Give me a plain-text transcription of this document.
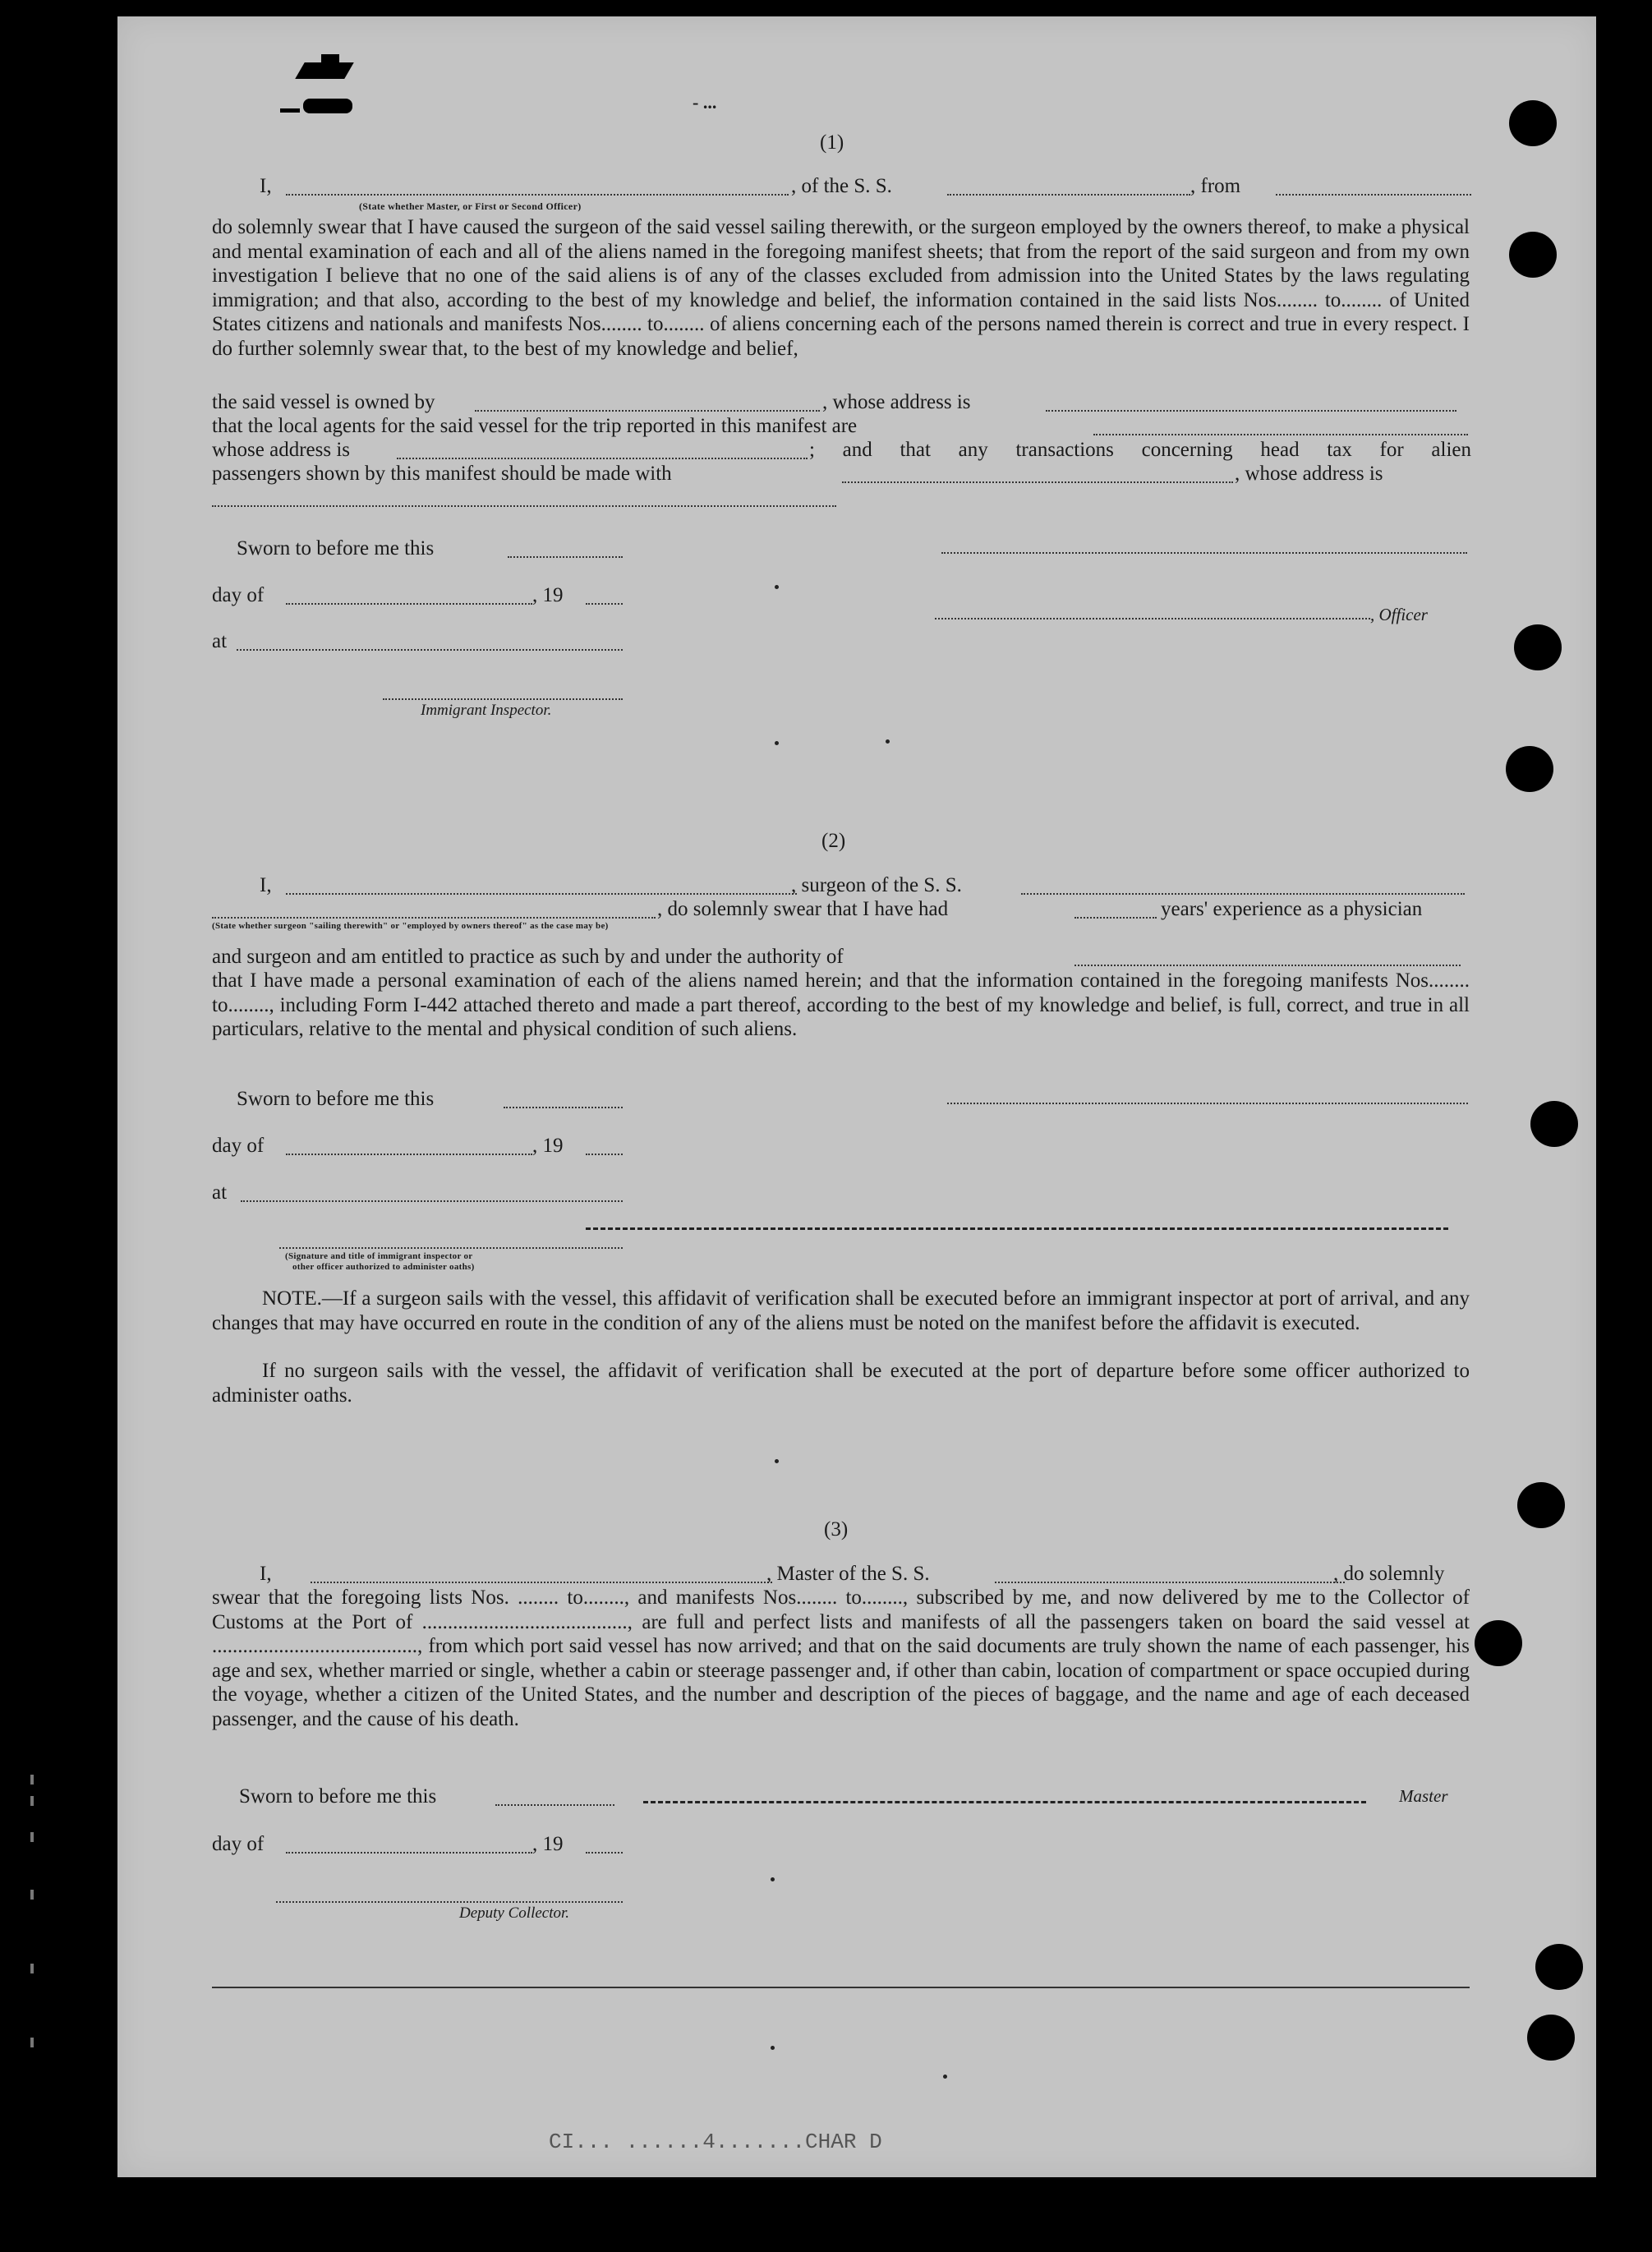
- ...
(1)
I,	, of the S. S.	, from
(State whether Master, or First or Second Officer)
do solemnly swear that I have caused the surgeon of the said vessel sailing therewith, or the surgeon employed by the owners thereof, to make a physical and mental examination of each and all of the aliens named in the foregoing manifest sheets; that from the report of the said surgeon and from my own investigation I believe that no one of the said aliens is of any of the classes excluded from admission into the United States by the laws regulating immigration; and that also, according to the best of my knowledge and belief, the information contained in the said lists Nos........ to........ of United States citizens and nationals and manifests Nos........ to........ of aliens concerning each of the persons named therein is correct and true in every respect. I do further solemnly swear that, to the best of my knowledge and belief,
the said vessel is owned by	, whose address is
that the local agents for the said vessel for the trip reported in this manifest are
whose address is	; and that any transactions concerning head tax for alien
passengers shown by this manifest should be made with	, whose address is
Sworn to before me this
day of	, 19
, Officer
at
Immigrant Inspector.
(2)
I,	, surgeon of the S. S.
, do solemnly swear that I have had	years' experience as a physician
(State whether surgeon "sailing therewith" or "employed by owners thereof" as the case may be)
and surgeon and am entitled to practice as such by and under the authority of
that I have made a personal examination of each of the aliens named herein; and that the information contained in the foregoing manifests Nos........ to........, including Form I-442 attached thereto and made a part thereof, according to the best of my knowledge and belief, is full, correct, and true in all particulars, relative to the mental and physical condition of such aliens.
Sworn to before me this
day of	, 19
at
(Signature and title of immigrant inspector or
other officer authorized to administer oaths)
NOTE.—If a surgeon sails with the vessel, this affidavit of verification shall be executed before an immigrant inspector at port of arrival, and any changes that may have occurred en route in the condition of any of the aliens must be noted on the manifest before the affidavit is executed.
If no surgeon sails with the vessel, the affidavit of verification shall be executed at the port of departure before some officer authorized to administer oaths.
(3)
I,	, Master of the S. S.	, do solemnly
swear that the foregoing lists Nos. ........ to........, and manifests Nos........ to........, subscribed by me, and now delivered by me to the Collector of Customs at the Port of ........................................, are full and perfect lists and manifests of all the passengers taken on board the said vessel at ........................................, from which port said vessel has now arrived; and that on the said documents are truly shown the name of each passenger, his age and sex, whether married or single, whether a cabin or steerage passenger and, if other than cabin, location of compartment or space occupied during the voyage, whether a citizen of the United States, and the number and description of the pieces of baggage, and the name and age of each deceased passenger, and the cause of his death.
Sworn to before me this	Master
day of	, 19
Deputy Collector.
CI... ......4.......CHAR D
